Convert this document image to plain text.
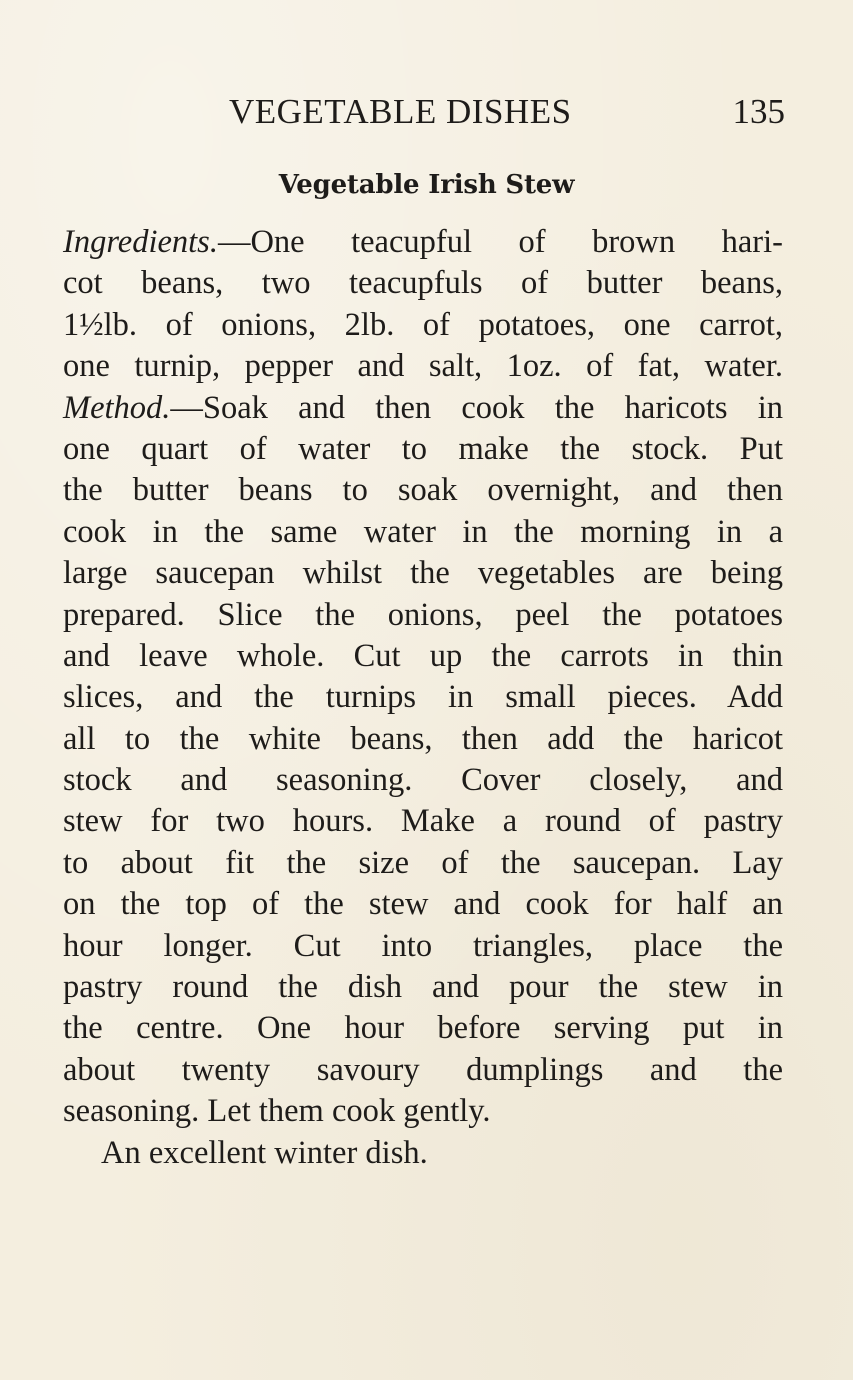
VEGETABLE DISHES	135
Vegetable Irish Stew
Ingredients.—One teacupful of brown hari-
cot beans, two teacupfuls of butter beans,
1½lb. of onions, 2lb. of potatoes, one carrot,
one turnip, pepper and salt, 1oz. of fat, water.
Method.—Soak and then cook the haricots in
one quart of water to make the stock. Put
the butter beans to soak overnight, and then
cook in the same water in the morning in a
large saucepan whilst the vegetables are being
prepared. Slice the onions, peel the potatoes
and leave whole. Cut up the carrots in thin
slices, and the turnips in small pieces. Add
all to the white beans, then add the haricot
stock and seasoning. Cover closely, and
stew for two hours. Make a round of pastry
to about fit the size of the saucepan. Lay
on the top of the stew and cook for half an
hour longer. Cut into triangles, place the
pastry round the dish and pour the stew in
the centre. One hour before serving put in
about twenty savoury dumplings and the
seasoning. Let them cook gently.
An excellent winter dish.
